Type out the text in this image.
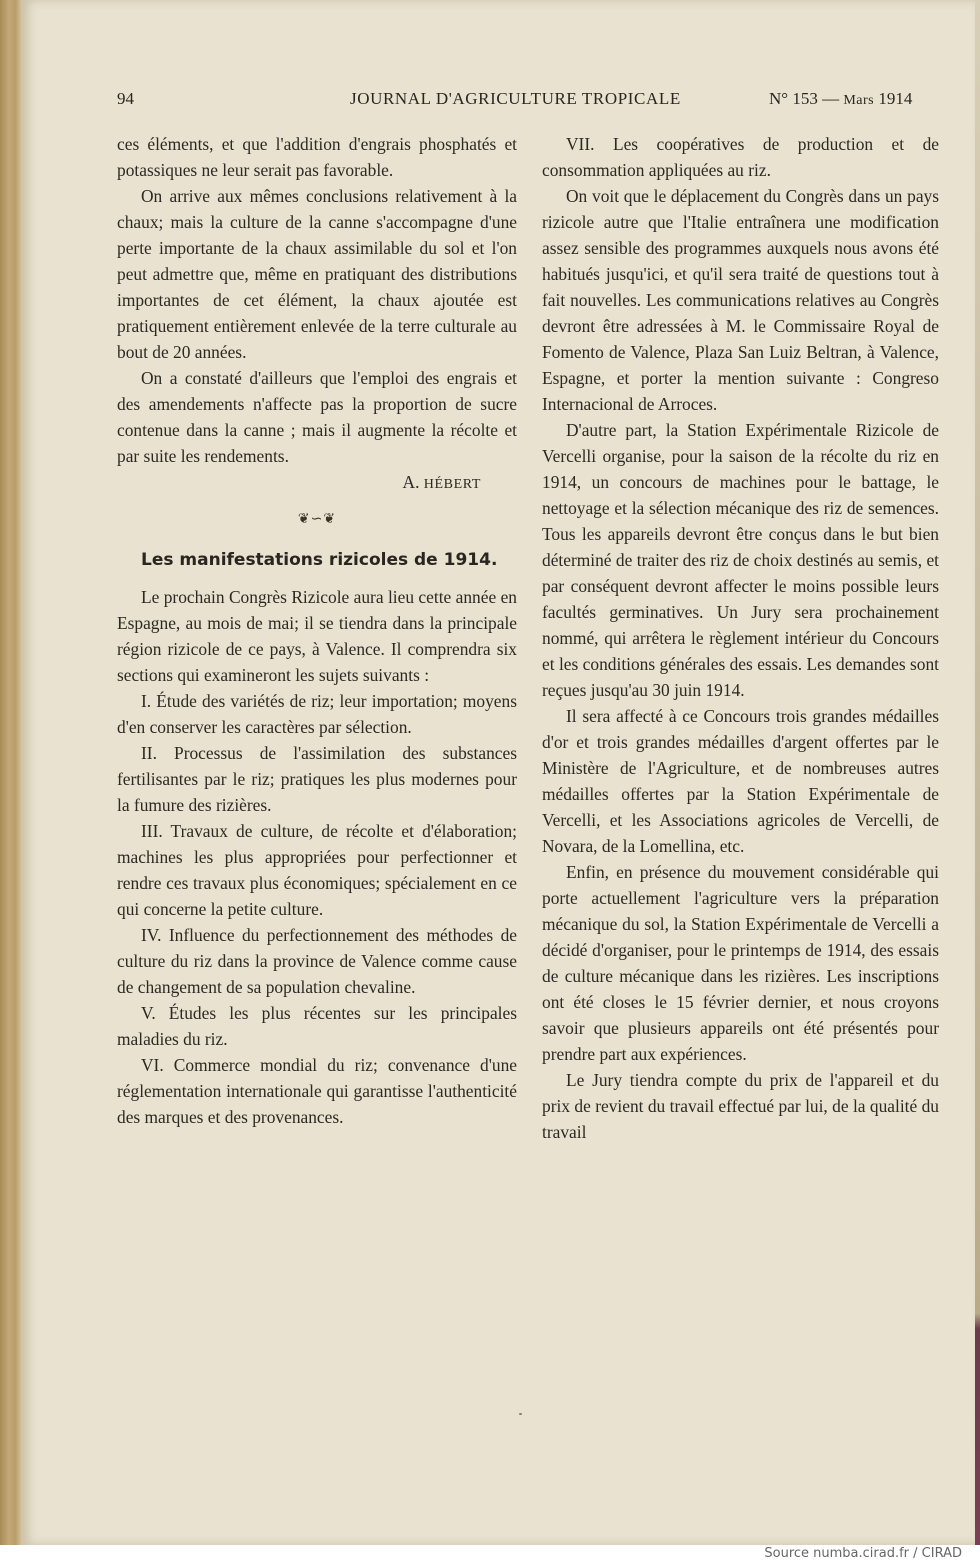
94	JOURNAL D'AGRICULTURE TROPICALE	N° 153 — Mars 1914

ces éléments, et que l'addition d'engrais phosphatés et potassiques ne leur serait pas favorable.

On arrive aux mêmes conclusions relativement à la chaux; mais la culture de la canne s'accompagne d'une perte importante de la chaux assimilable du sol et l'on peut admettre que, même en pratiquant des distributions importantes de cet élément, la chaux ajoutée est pratiquement entièrement enlevée de la terre culturale au bout de 20 années.

On a constaté d'ailleurs que l'emploi des engrais et des amendements n'affecte pas la proportion de sucre contenue dans la canne ; mais il augmente la récolte et par suite les rendements.

A. HÉBERT

❦∽❦
Les manifestations rizicoles de 1914.

Le prochain Congrès Rizicole aura lieu cette année en Espagne, au mois de mai; il se tiendra dans la principale région rizicole de ce pays, à Valence. Il comprendra six sections qui examineront les sujets suivants :

I. Étude des variétés de riz; leur importation; moyens d'en conserver les caractères par sélection.

II. Processus de l'assimilation des substances fertilisantes par le riz; pratiques les plus modernes pour la fumure des rizières.

III. Travaux de culture, de récolte et d'élaboration; machines les plus appropriées pour perfectionner et rendre ces travaux plus économiques; spécialement en ce qui concerne la petite culture.

IV. Influence du perfectionnement des méthodes de culture du riz dans la province de Valence comme cause de changement de sa population chevaline.

V. Études les plus récentes sur les principales maladies du riz.

VI. Commerce mondial du riz; convenance d'une réglementation internationale qui garantisse l'authenticité des marques et des provenances.

VII. Les coopératives de production et de consommation appliquées au riz.

On voit que le déplacement du Congrès dans un pays rizicole autre que l'Italie entraînera une modification assez sensible des programmes auxquels nous avons été habitués jusqu'ici, et qu'il sera traité de questions tout à fait nouvelles. Les communications relatives au Congrès devront être adressées à M. le Commissaire Royal de Fomento de Valence, Plaza San Luiz Beltran, à Valence, Espagne, et porter la mention suivante : Congreso Internacional de Arroces.

D'autre part, la Station Expérimentale Rizicole de Vercelli organise, pour la saison de la récolte du riz en 1914, un concours de machines pour le battage, le nettoyage et la sélection mécanique des riz de semences. Tous les appareils devront être conçus dans le but bien déterminé de traiter des riz de choix destinés au semis, et par conséquent devront affecter le moins possible leurs facultés germinatives. Un Jury sera prochainement nommé, qui arrêtera le règlement intérieur du Concours et les conditions générales des essais. Les demandes sont reçues jusqu'au 30 juin 1914.

Il sera affecté à ce Concours trois grandes médailles d'or et trois grandes médailles d'argent offertes par le Ministère de l'Agriculture, et de nombreuses autres médailles offertes par la Station Expérimentale de Vercelli, et les Associations agricoles de Vercelli, de Novara, de la Lomellina, etc.

Enfin, en présence du mouvement considérable qui porte actuellement l'agriculture vers la préparation mécanique du sol, la Station Expérimentale de Vercelli a décidé d'organiser, pour le printemps de 1914, des essais de culture mécanique dans les rizières. Les inscriptions ont été closes le 15 février dernier, et nous croyons savoir que plusieurs appareils ont été présentés pour prendre part aux expériences.

Le Jury tiendra compte du prix de l'appareil et du prix de revient du travail effectué par lui, de la qualité du travail

Source numba.cirad.fr / CIRAD
